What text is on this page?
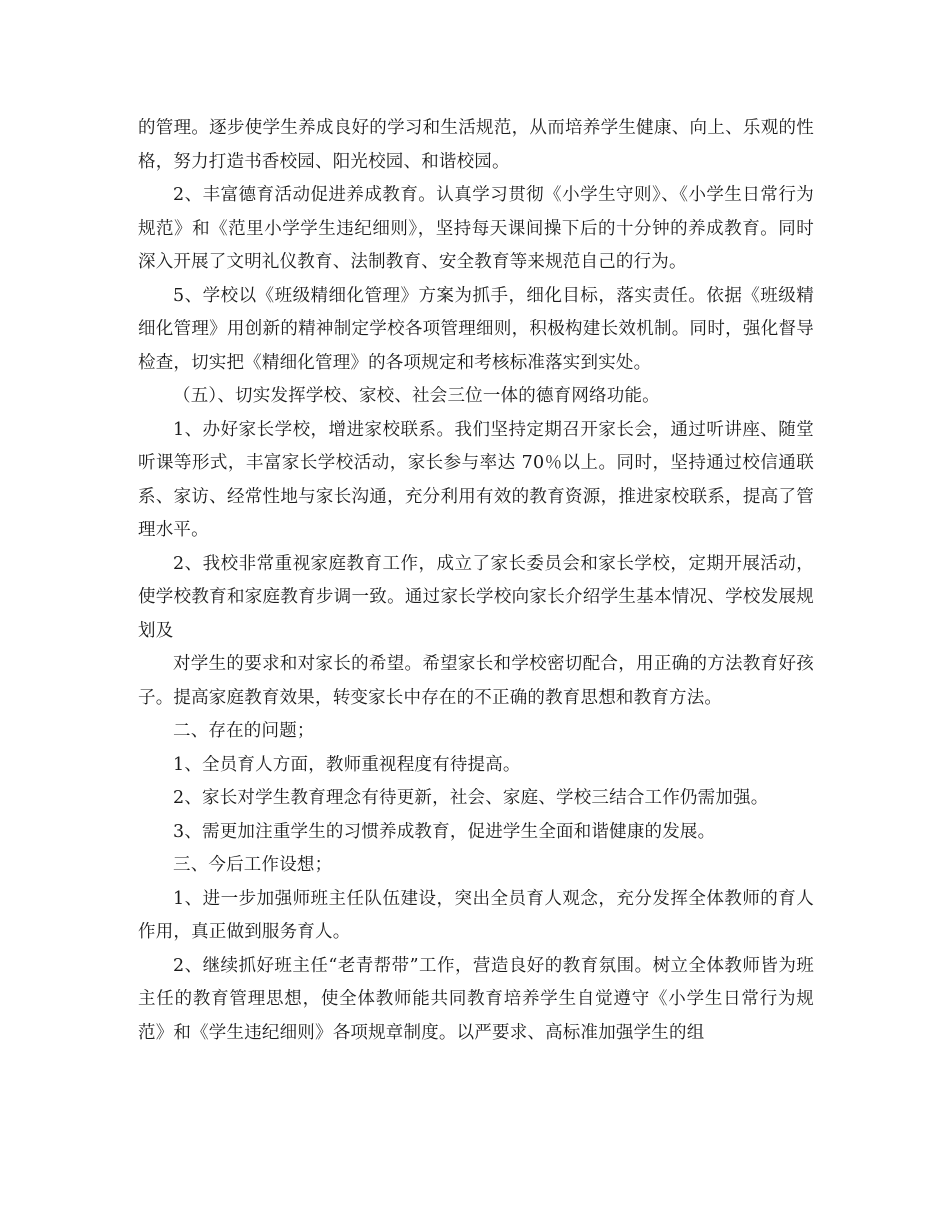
的管理。逐步使学生养成良好的学习和生活规范，从而培养学生健康、向上、乐观的性格，努力打造书香校园、阳光校园、和谐校园。

2、丰富德育活动促进养成教育。认真学习贯彻《小学生守则》、《小学生日常行为规范》和《范里小学学生违纪细则》，坚持每天课间操下后的十分钟的养成教育。同时深入开展了文明礼仪教育、法制教育、安全教育等来规范自己的行为。

5、学校以《班级精细化管理》方案为抓手，细化目标，落实责任。依据《班级精细化管理》用创新的精神制定学校各项管理细则，积极构建长效机制。同时，强化督导检查，切实把《精细化管理》的各项规定和考核标准落实到实处。

（五）、切实发挥学校、家校、社会三位一体的德育网络功能。

1、办好家长学校，增进家校联系。我们坚持定期召开家长会，通过听讲座、随堂听课等形式，丰富家长学校活动，家长参与率达 70％以上。同时，坚持通过校信通联系、家访、经常性地与家长沟通，充分利用有效的教育资源，推进家校联系，提高了管理水平。

2、我校非常重视家庭教育工作，成立了家长委员会和家长学校，定期开展活动，使学校教育和家庭教育步调一致。通过家长学校向家长介绍学生基本情况、学校发展规划及

对学生的要求和对家长的希望。希望家长和学校密切配合，用正确的方法教育好孩子。提高家庭教育效果，转变家长中存在的不正确的教育思想和教育方法。

二、存在的问题；

1、全员育人方面，教师重视程度有待提高。

2、家长对学生教育理念有待更新，社会、家庭、学校三结合工作仍需加强。

3、需更加注重学生的习惯养成教育，促进学生全面和谐健康的发展。

三、今后工作设想；

1、进一步加强师班主任队伍建设，突出全员育人观念，充分发挥全体教师的育人作用，真正做到服务育人。

2、继续抓好班主任“老青帮带”工作，营造良好的教育氛围。树立全体教师皆为班主任的教育管理思想，使全体教师能共同教育培养学生自觉遵守《小学生日常行为规范》和《学生违纪细则》各项规章制度。以严要求、高标准加强学生的组
